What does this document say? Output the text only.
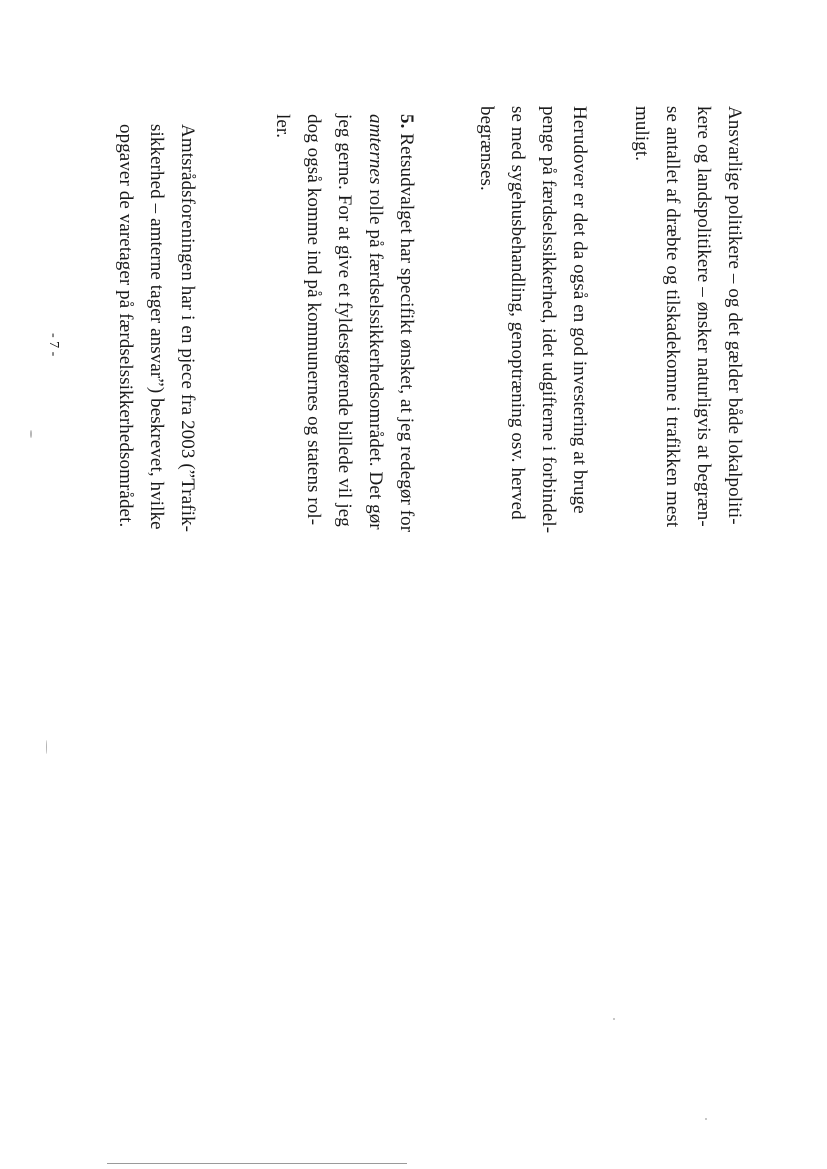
Ansvarlige politikere – og det gælder både lokalpoliti-
kere og landspolitikere – ønsker naturligvis at begræn-
se antallet af dræbte og tilskadekomne i trafikken mest
muligt.
Herudover er det da også en god investering at bruge
penge på færdselssikkerhed, idet udgifterne i forbindel-
se med sygehusbehandling, genoptræning osv. herved
begrænses.
5. Retsudvalget har specifikt ønsket, at jeg redegør for
amternes rolle på færdselssikkerhedsområdet. Det gør
jeg gerne. For at give et fyldestgørende billede vil jeg
dog også komme ind på kommunernes og statens rol-
ler.
Amtsrådsforeningen har i en pjece fra 2003 (”Trafik-
sikkerhed – amterne tager ansvar”) beskrevet, hvilke
opgaver de varetager på færdselssikkerhedsområdet.
- 7 -
